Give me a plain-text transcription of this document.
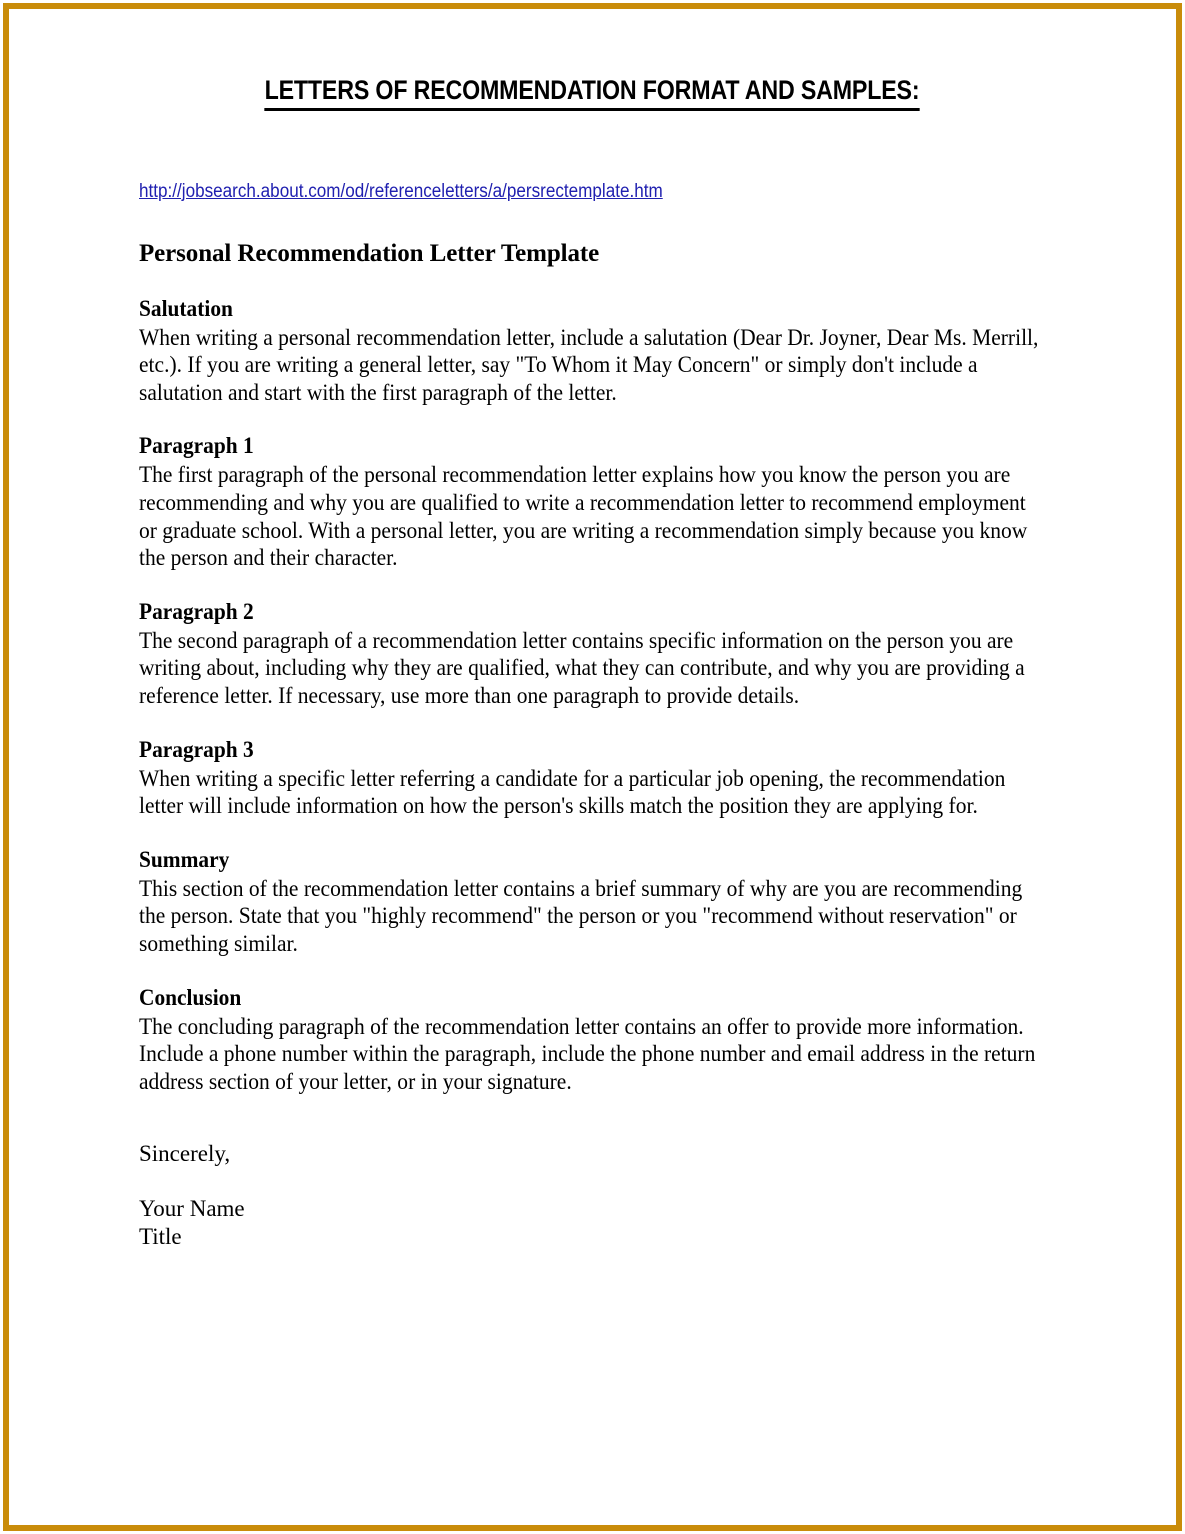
LETTERS OF RECOMMENDATION FORMAT AND SAMPLES:

http://jobsearch.about.com/od/referenceletters/a/persrectemplate.htm

Personal Recommendation Letter Template
Salutation

When writing a personal recommendation letter, include a salutation (Dear Dr. Joyner, Dear Ms. Merrill, etc.). If you are writing a general letter, say "To Whom it May Concern" or simply don't include a salutation and start with the first paragraph of the letter.

Paragraph 1

The first paragraph of the personal recommendation letter explains how you know the person you are recommending and why you are qualified to write a recommendation letter to recommend employment or graduate school. With a personal letter, you are writing a recommendation simply because you know the person and their character.

Paragraph 2

The second paragraph of a recommendation letter contains specific information on the person you are writing about, including why they are qualified, what they can contribute, and why you are providing a reference letter. If necessary, use more than one paragraph to provide details.

Paragraph 3

When writing a specific letter referring a candidate for a particular job opening, the recommendation letter will include information on how the person's skills match the position they are applying for.

Summary

This section of the recommendation letter contains a brief summary of why are you are recommending the person. State that you "highly recommend" the person or you "recommend without reservation" or something similar.

Conclusion

The concluding paragraph of the recommendation letter contains an offer to provide more information. Include a phone number within the paragraph, include the phone number and email address in the return address section of your letter, or in your signature.

Sincerely,

Your Name
Title
